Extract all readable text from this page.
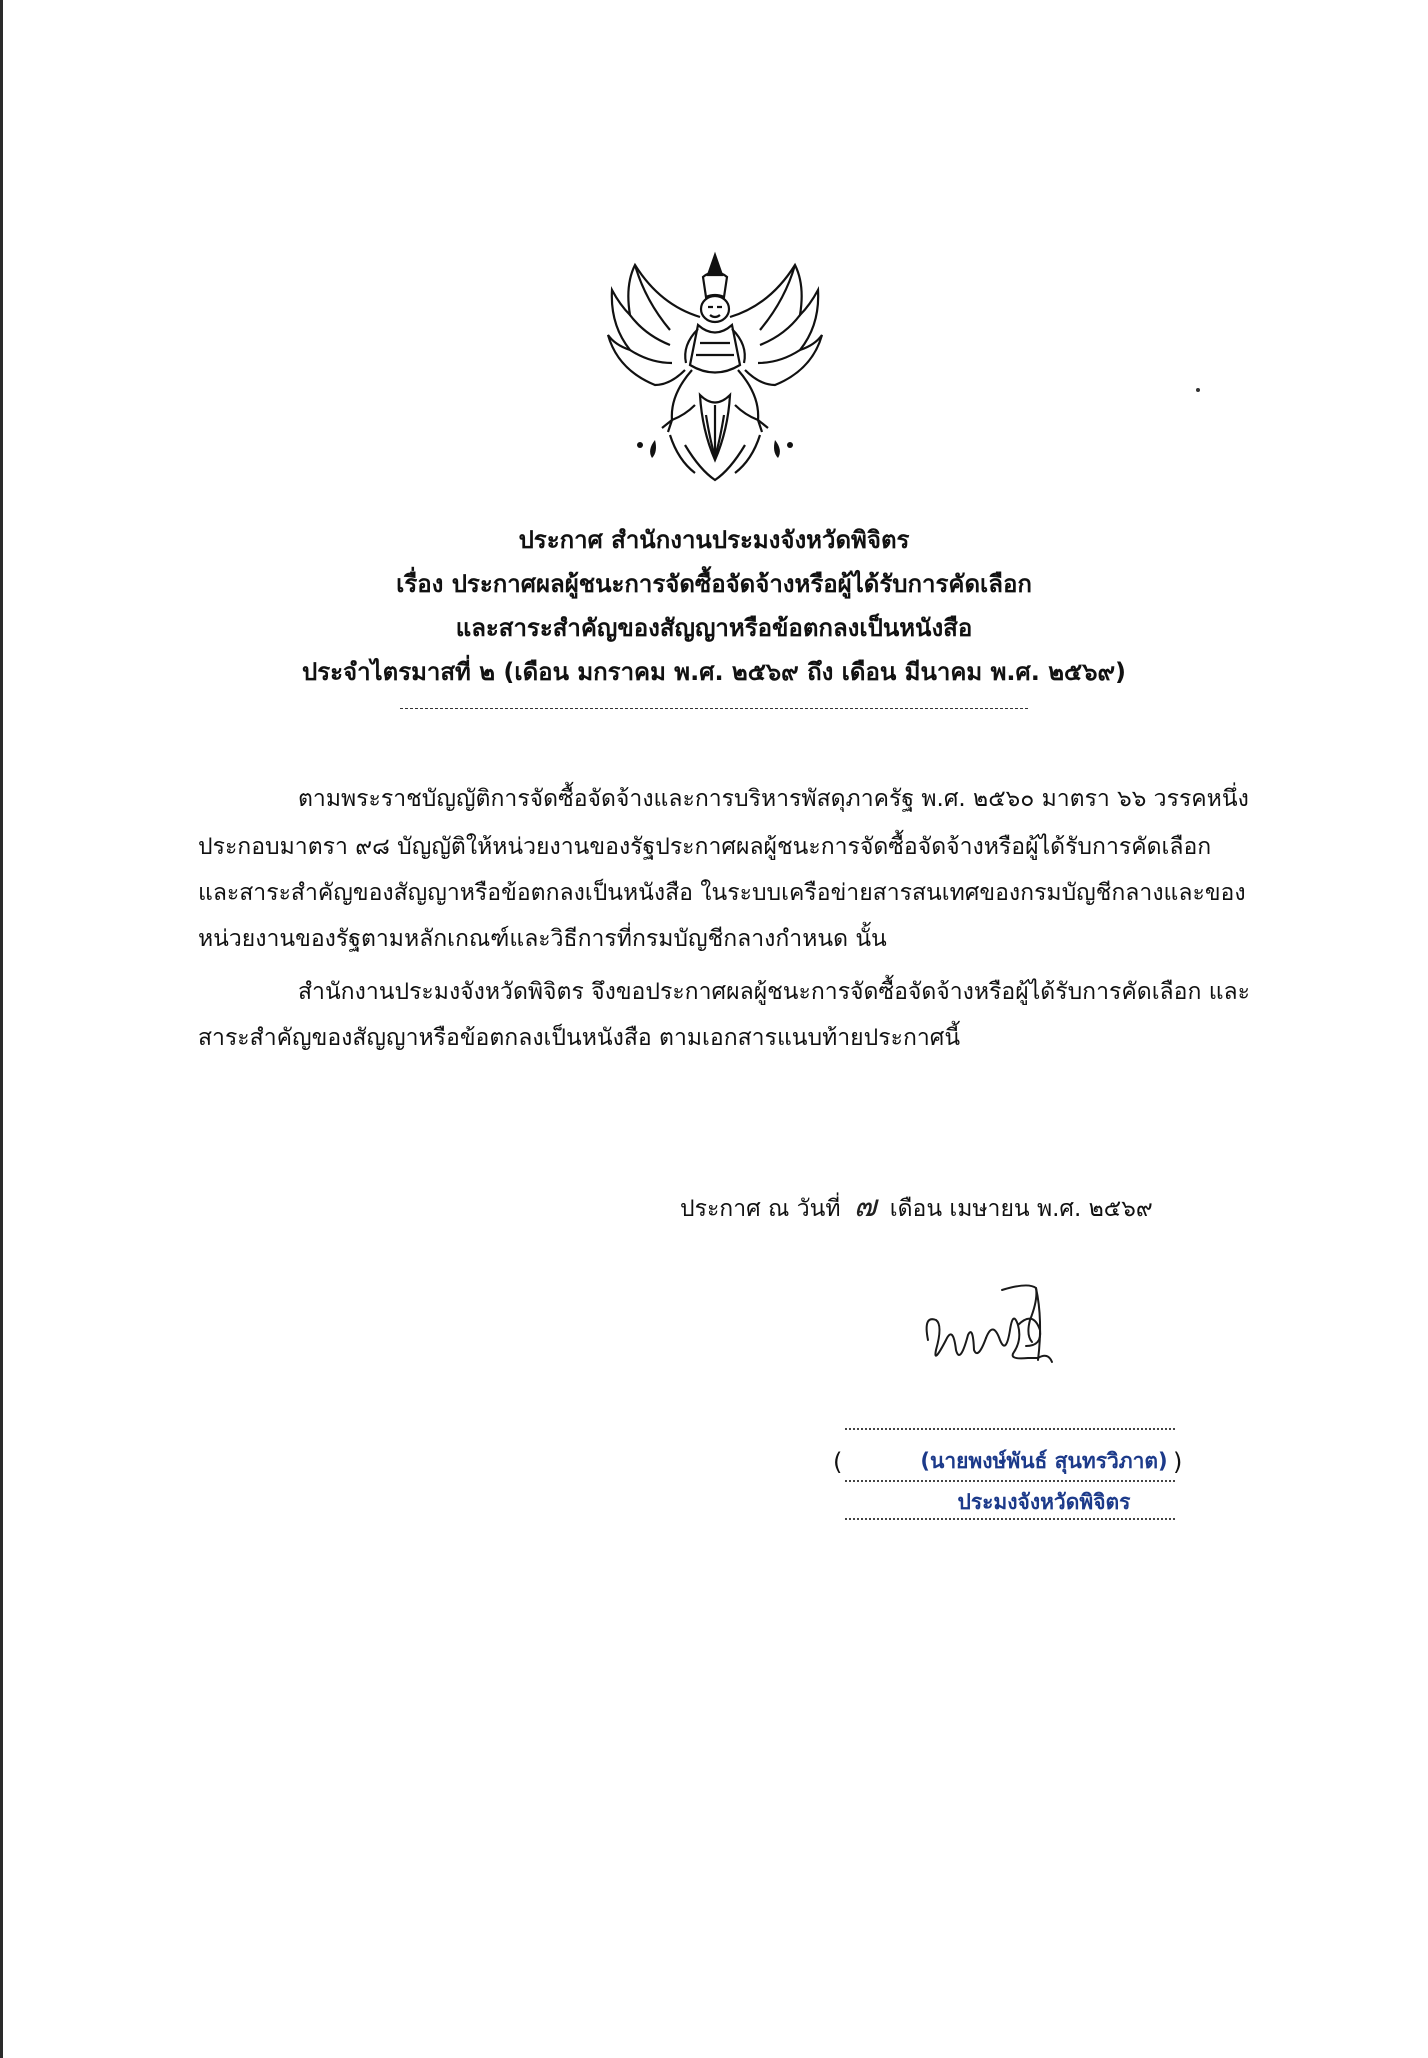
ประกาศ สำนักงานประมงจังหวัดพิจิตร
เรื่อง ประกาศผลผู้ชนะการจัดซื้อจัดจ้างหรือผู้ได้รับการคัดเลือก
และสาระสำคัญของสัญญาหรือข้อตกลงเป็นหนังสือ
ประจำไตรมาสที่ ๒ (เดือน มกราคม พ.ศ. ๒๕๖๙ ถึง เดือน มีนาคม พ.ศ. ๒๕๖๙)
ตามพระราชบัญญัติการจัดซื้อจัดจ้างและการบริหารพัสดุภาครัฐ พ.ศ. ๒๕๖๐ มาตรา ๖๖ วรรคหนึ่ง
ประกอบมาตรา ๙๘ บัญญัติให้หน่วยงานของรัฐประกาศผลผู้ชนะการจัดซื้อจัดจ้างหรือผู้ได้รับการคัดเลือก
และสาระสำคัญของสัญญาหรือข้อตกลงเป็นหนังสือ ในระบบเครือข่ายสารสนเทศของกรมบัญชีกลางและของ
หน่วยงานของรัฐตามหลักเกณฑ์และวิธีการที่กรมบัญชีกลางกำหนด นั้น
สำนักงานประมงจังหวัดพิจิตร จึงขอประกาศผลผู้ชนะการจัดซื้อจัดจ้างหรือผู้ได้รับการคัดเลือก และ
สาระสำคัญของสัญญาหรือข้อตกลงเป็นหนังสือ ตามเอกสารแนบท้ายประกาศนี้
ประกาศ ณ วันที่ ๗ เดือน เมษายน พ.ศ. ๒๕๖๙
(	(นายพงษ์พันธ์ สุนทรวิภาต) )
ประมงจังหวัดพิจิตร
